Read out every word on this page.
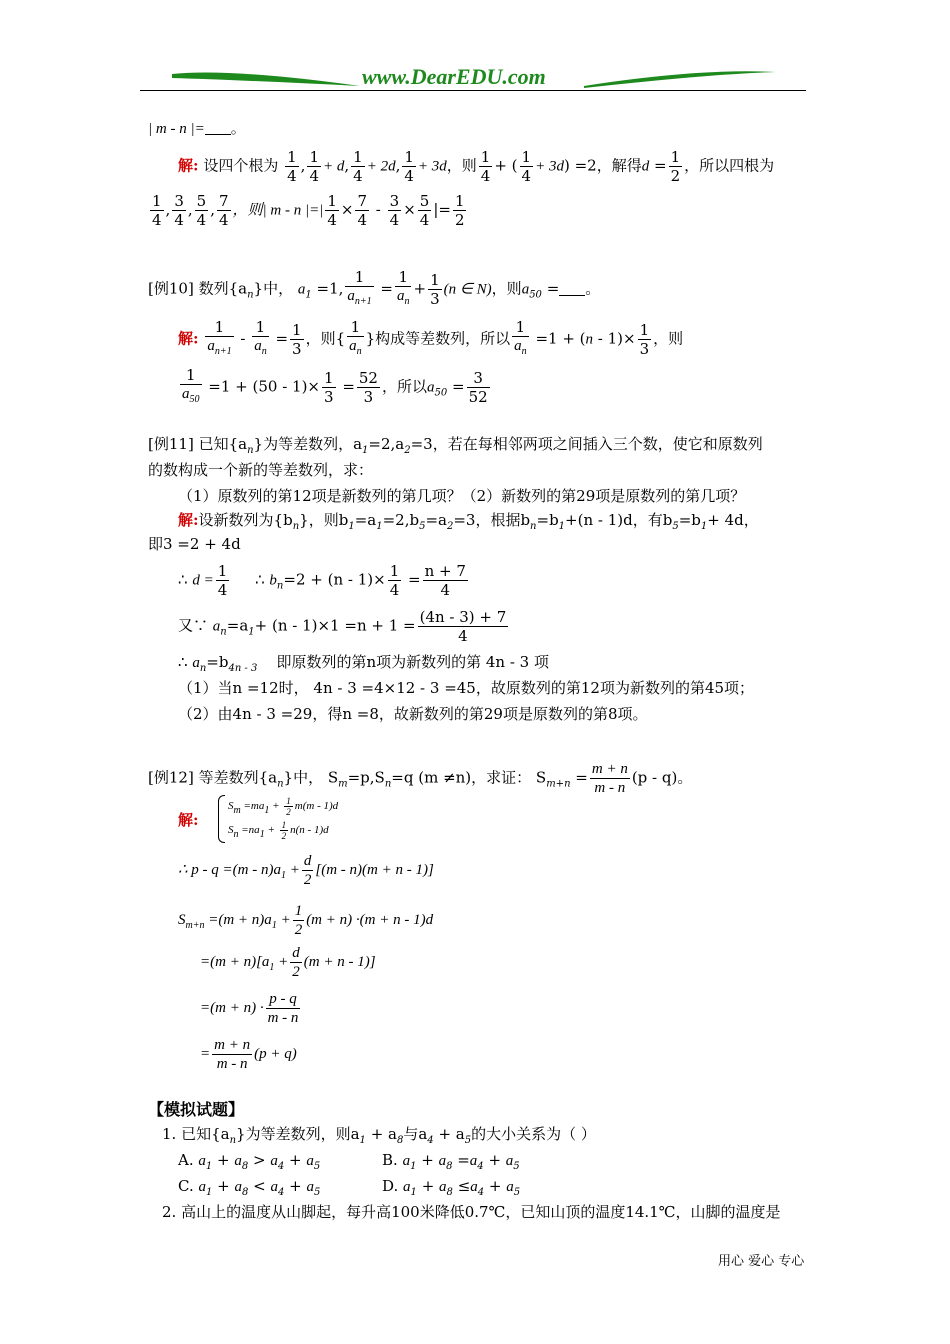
www.DearEDU.com
| m - n |= 。
解: 设四个根为 $\frac{1}{4}$ , $\frac{1}{4} + d$, $\frac{1}{4} + 2d$, $\frac{1}{4} + 3d$，则 $\frac{1}{4}$ + ( $\frac{1}{4} + 3d) =2$，解得$d = \frac{1}{2}$ ，所以四根为
$\frac{1}{4}$ , $\frac{3}{4}$ , $\frac{5}{4}$ , $\frac{7}{4}$ ，则| m - n |=| $\frac{1}{4} \times \frac{7}{4} - \frac{3}{4} \times \frac{5}{4}$ |= $\frac{1}{2}$
[例10] 数列$\{a_n\}$中， $a_1 =1$, $\frac{1}{a_{n+1}} = \frac{1}{a_n} + \frac{1}{3} (n$ ∈ N)，则$a_{50}$ = 。
解: $\frac{1}{a_{n+1}} - \frac{1}{a_n} = \frac{1}{3}$ ，则{ $\frac{1}{a_n}$ }构成等差数列，所以 $\frac{1}{a_n} =1 + (n - 1)\times \frac{1}{3}$ ，则
$\frac{1}{a_{50}} =1 + (50 - 1)\times \frac{1}{3} = \frac{52}{3}$ ，所以$a_{50} = \frac{3}{52}$
[例11] 已知$\{a_n\}$为等差数列，$a_1=2,a_2=3$，若在每相邻两项之间插入三个数，使它和原数列
的数构成一个新的等差数列，求：
（1）原数列的第12项是新数列的第几项？（2）新数列的第29项是原数列的第几项？
解:设新数列为$\{b_n\}$，则$b_1=a_1=2,b_5=a_2=3$，根据$b_n=b_1+(n - 1)d$，有$b_5=b_1+ 4d$，
即3 =2 + 4d
∴ $d = \frac{1}{4}$ ∴ $b_n=2 + (n - 1)\times \frac{1}{4} = \frac{n + 7}{4}$
又∵ $a_n=a_1+ (n - 1)\times 1 =n + 1 = \frac{(4n - 3) + 7}{4}$
∴ $a_n=b_{4n - 3}$ 即原数列的第n项为新数列的第 4n - 3 项
（1）当n =12时， 4n - 3 =4×12 - 3 =45，故原数列的第12项为新数列的第45项；
（2）由4n - 3 =29，得n =8，故新数列的第29项是原数列的第8项。
[例12] 等差数列$\{a_n\}$中， $S_m=p,S_n=q$ (m ≠n)，求证： $S_{m+n} = \frac{m + n}{m - n} (p - q)$。
解:
$Sm =ma1 + \frac{1}{2} m(m - 1)d$
$Sn =na1 + \frac{1}{2} n(n - 1)d$
∴ $p - q =(m - n)a_1 + \frac{d}{2} [(m - n)(m + n - 1)]$
$S_{m+n} =(m + n)a_1 + \frac{1}{2} (m + n) \cdot(m + n - 1)d$
$=(m + n)[a_1 + \frac{d}{2} (m + n - 1)]$
$=(m + n) \cdot \frac{p - q}{m - n}$
= $\frac{m + n}{m - n} (p + q)$
【模拟试题】
1. 已知$\{a_n\}$为等差数列，则$a_1 + a_8$与$a_4 + a_5$的大小关系为（ ）
A. $a_1 + a_8 > a_4 + a_5$	B. $a_1 + a_8 =a_4 + a_5$
C. $a_1 + a_8 < a_4 + a_5$	D. $a_1 + a_8 \le a_4 + a_5$
2. 高山上的温度从山脚起，每升高100米降低0.7℃，已知山顶的温度14.1℃，山脚的温度是
用心 爱心 专心
